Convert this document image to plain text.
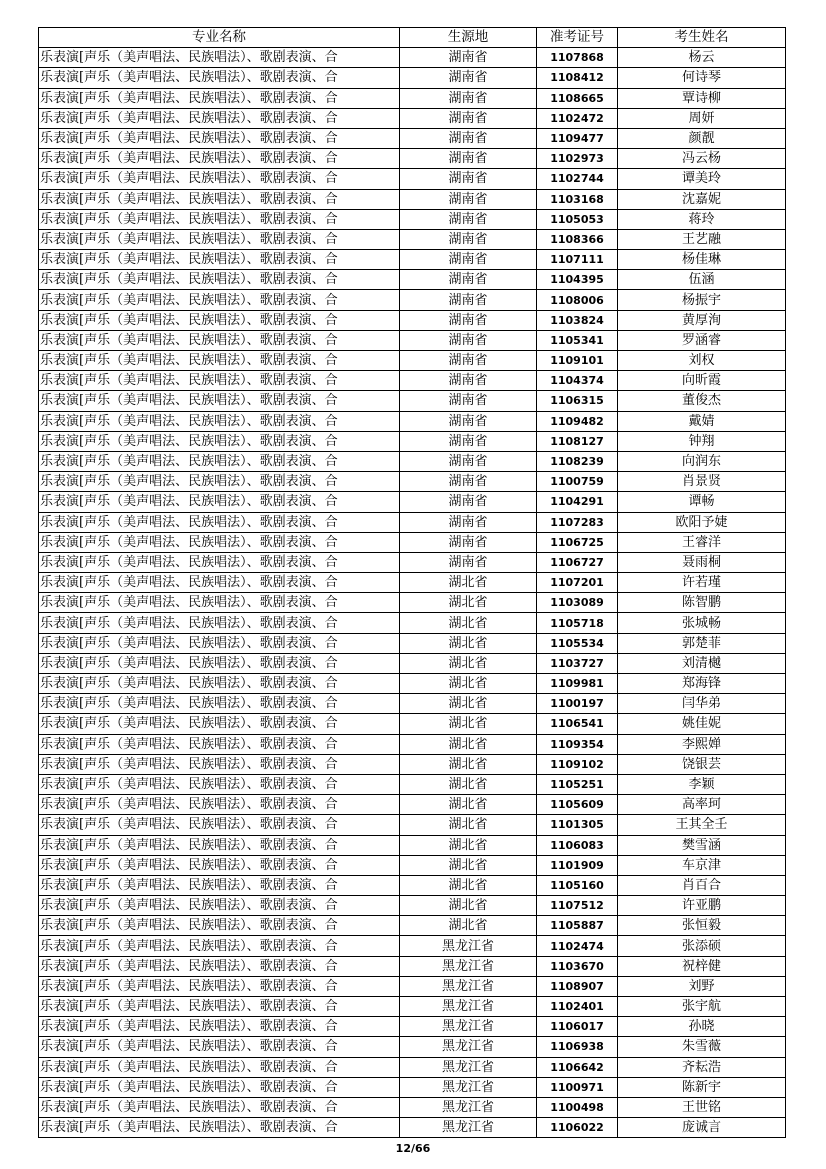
专业名称	生源地	准考证号	考生姓名
乐表演[声乐（美声唱法、民族唱法）、歌剧表演、合	湖南省	1107868	杨云
乐表演[声乐（美声唱法、民族唱法）、歌剧表演、合	湖南省	1108412	何诗琴
乐表演[声乐（美声唱法、民族唱法）、歌剧表演、合	湖南省	1108665	覃诗柳
乐表演[声乐（美声唱法、民族唱法）、歌剧表演、合	湖南省	1102472	周妍
乐表演[声乐（美声唱法、民族唱法）、歌剧表演、合	湖南省	1109477	颜靓
乐表演[声乐（美声唱法、民族唱法）、歌剧表演、合	湖南省	1102973	冯云杨
乐表演[声乐（美声唱法、民族唱法）、歌剧表演、合	湖南省	1102744	谭美玲
乐表演[声乐（美声唱法、民族唱法）、歌剧表演、合	湖南省	1103168	沈嘉妮
乐表演[声乐（美声唱法、民族唱法）、歌剧表演、合	湖南省	1105053	蒋玲
乐表演[声乐（美声唱法、民族唱法）、歌剧表演、合	湖南省	1108366	王艺融
乐表演[声乐（美声唱法、民族唱法）、歌剧表演、合	湖南省	1107111	杨佳琳
乐表演[声乐（美声唱法、民族唱法）、歌剧表演、合	湖南省	1104395	伍涵
乐表演[声乐（美声唱法、民族唱法）、歌剧表演、合	湖南省	1108006	杨振宇
乐表演[声乐（美声唱法、民族唱法）、歌剧表演、合	湖南省	1103824	黄厚洵
乐表演[声乐（美声唱法、民族唱法）、歌剧表演、合	湖南省	1105341	罗涵睿
乐表演[声乐（美声唱法、民族唱法）、歌剧表演、合	湖南省	1109101	刘权
乐表演[声乐（美声唱法、民族唱法）、歌剧表演、合	湖南省	1104374	向昕霞
乐表演[声乐（美声唱法、民族唱法）、歌剧表演、合	湖南省	1106315	董俊杰
乐表演[声乐（美声唱法、民族唱法）、歌剧表演、合	湖南省	1109482	戴婧
乐表演[声乐（美声唱法、民族唱法）、歌剧表演、合	湖南省	1108127	钟翔
乐表演[声乐（美声唱法、民族唱法）、歌剧表演、合	湖南省	1108239	向润东
乐表演[声乐（美声唱法、民族唱法）、歌剧表演、合	湖南省	1100759	肖景贤
乐表演[声乐（美声唱法、民族唱法）、歌剧表演、合	湖南省	1104291	谭畅
乐表演[声乐（美声唱法、民族唱法）、歌剧表演、合	湖南省	1107283	欧阳予婕
乐表演[声乐（美声唱法、民族唱法）、歌剧表演、合	湖南省	1106725	王睿洋
乐表演[声乐（美声唱法、民族唱法）、歌剧表演、合	湖南省	1106727	聂雨桐
乐表演[声乐（美声唱法、民族唱法）、歌剧表演、合	湖北省	1107201	许若瑾
乐表演[声乐（美声唱法、民族唱法）、歌剧表演、合	湖北省	1103089	陈智鹏
乐表演[声乐（美声唱法、民族唱法）、歌剧表演、合	湖北省	1105718	张城畅
乐表演[声乐（美声唱法、民族唱法）、歌剧表演、合	湖北省	1105534	郭楚菲
乐表演[声乐（美声唱法、民族唱法）、歌剧表演、合	湖北省	1103727	刘清樾
乐表演[声乐（美声唱法、民族唱法）、歌剧表演、合	湖北省	1109981	郑海锋
乐表演[声乐（美声唱法、民族唱法）、歌剧表演、合	湖北省	1100197	闫华弟
乐表演[声乐（美声唱法、民族唱法）、歌剧表演、合	湖北省	1106541	姚佳妮
乐表演[声乐（美声唱法、民族唱法）、歌剧表演、合	湖北省	1109354	李熙婵
乐表演[声乐（美声唱法、民族唱法）、歌剧表演、合	湖北省	1109102	饶银芸
乐表演[声乐（美声唱法、民族唱法）、歌剧表演、合	湖北省	1105251	李颖
乐表演[声乐（美声唱法、民族唱法）、歌剧表演、合	湖北省	1105609	高率珂
乐表演[声乐（美声唱法、民族唱法）、歌剧表演、合	湖北省	1101305	王其全壬
乐表演[声乐（美声唱法、民族唱法）、歌剧表演、合	湖北省	1106083	樊雪涵
乐表演[声乐（美声唱法、民族唱法）、歌剧表演、合	湖北省	1101909	车京津
乐表演[声乐（美声唱法、民族唱法）、歌剧表演、合	湖北省	1105160	肖百合
乐表演[声乐（美声唱法、民族唱法）、歌剧表演、合	湖北省	1107512	许亚鹏
乐表演[声乐（美声唱法、民族唱法）、歌剧表演、合	湖北省	1105887	张恒毅
乐表演[声乐（美声唱法、民族唱法）、歌剧表演、合	黑龙江省	1102474	张添硕
乐表演[声乐（美声唱法、民族唱法）、歌剧表演、合	黑龙江省	1103670	祝梓健
乐表演[声乐（美声唱法、民族唱法）、歌剧表演、合	黑龙江省	1108907	刘野
乐表演[声乐（美声唱法、民族唱法）、歌剧表演、合	黑龙江省	1102401	张宇航
乐表演[声乐（美声唱法、民族唱法）、歌剧表演、合	黑龙江省	1106017	孙晓
乐表演[声乐（美声唱法、民族唱法）、歌剧表演、合	黑龙江省	1106938	朱雪薇
乐表演[声乐（美声唱法、民族唱法）、歌剧表演、合	黑龙江省	1106642	齐耘浩
乐表演[声乐（美声唱法、民族唱法）、歌剧表演、合	黑龙江省	1100971	陈新宇
乐表演[声乐（美声唱法、民族唱法）、歌剧表演、合	黑龙江省	1100498	王世铭
乐表演[声乐（美声唱法、民族唱法）、歌剧表演、合	黑龙江省	1106022	庞诚言
12/66
